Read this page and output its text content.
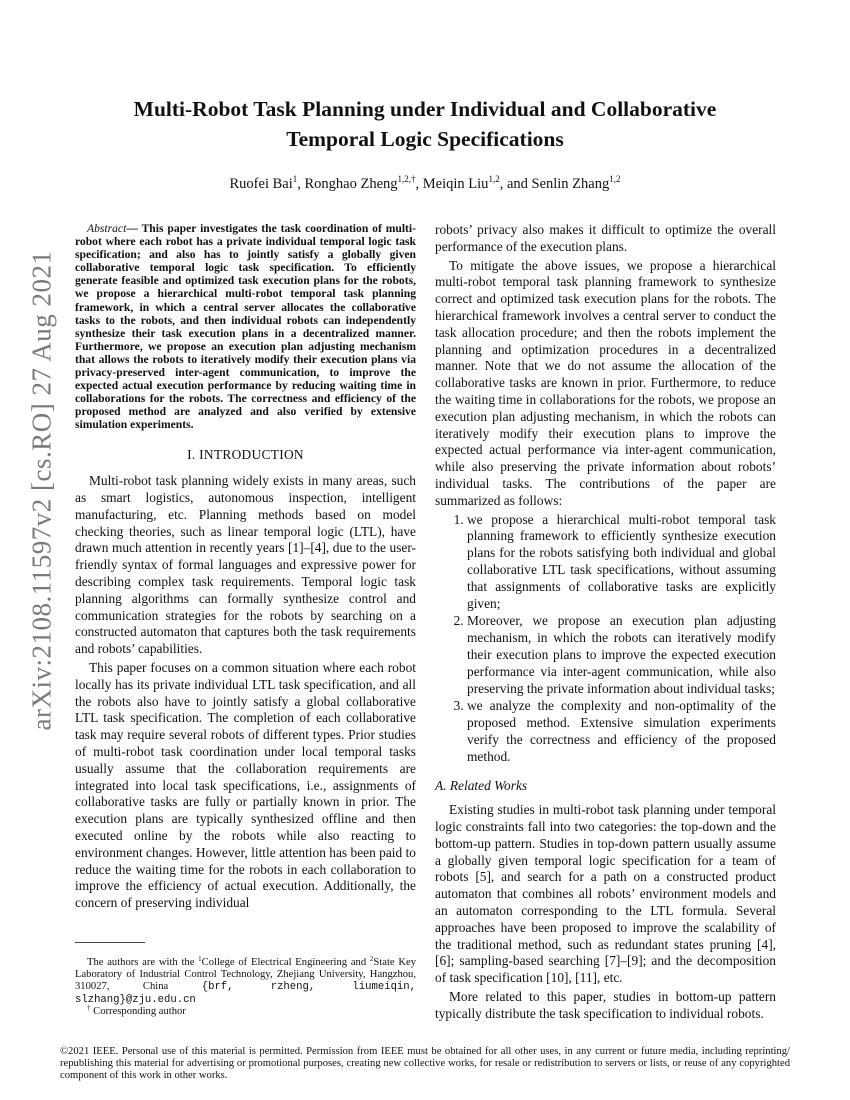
arXiv:2108.11597v2 [cs.RO] 27 Aug 2021
Multi-Robot Task Planning under Individual and Collaborative
Temporal Logic Specifications
Ruofei Bai$^1$, Ronghao Zheng$^{1,2,\dagger}$, Meiqin Liu$^{1,2}$, and Senlin Zhang$^{1,2}$
Abstract— This paper investigates the task coordination of multi-robot where each robot has a private individual temporal logic task specification; and also has to jointly satisfy a globally given collaborative temporal logic task specification. To efficiently generate feasible and optimized task execution plans for the robots, we propose a hierarchical multi-robot temporal task planning framework, in which a central server allocates the collaborative tasks to the robots, and then individual robots can independently synthesize their task execution plans in a decentralized manner. Furthermore, we propose an execution plan adjusting mechanism that allows the robots to iteratively modify their execution plans via privacy-preserved inter-agent communication, to improve the expected actual execution performance by reducing waiting time in collaborations for the robots. The correctness and efficiency of the proposed method are analyzed and also verified by extensive simulation experiments.
I. INTRODUCTION

Multi-robot task planning widely exists in many areas, such as smart logistics, autonomous inspection, intelligent manufacturing, etc. Planning methods based on model checking theories, such as linear temporal logic (LTL), have drawn much attention in recently years [1]–[4], due to the user-friendly syntax of formal languages and expressive power for describing complex task requirements. Temporal logic task planning algorithms can formally synthesize control and communication strategies for the robots by searching on a constructed automaton that captures both the task requirements and robots’ capabilities.

This paper focuses on a common situation where each robot locally has its private individual LTL task specification, and all the robots also have to jointly satisfy a global collaborative LTL task specification. The completion of each collaborative task may require several robots of different types. Prior studies of multi-robot task coordination under local temporal tasks usually assume that the collaboration requirements are integrated into local task specifications, i.e., assignments of collaborative tasks are fully or partially known in prior. The execution plans are typically synthesized offline and then executed online by the robots while also reacting to environment changes. However, little attention has been paid to reduce the waiting time for the robots in each collaboration to improve the efficiency of actual execution. Additionally, the concern of preserving individual

robots’ privacy also makes it difficult to optimize the overall performance of the execution plans.

To mitigate the above issues, we propose a hierarchical multi-robot temporal task planning framework to synthesize correct and optimized task execution plans for the robots. The hierarchical framework involves a central server to conduct the task allocation procedure; and then the robots implement the planning and optimization procedures in a decentralized manner. Note that we do not assume the allocation of the collaborative tasks are known in prior. Furthermore, to reduce the waiting time in collaborations for the robots, we propose an execution plan adjusting mechanism, in which the robots can iteratively modify their execution plans to improve the expected actual performance via inter-agent communication, while also preserving the private information about robots’ individual tasks. The contributions of the paper are summarized as follows:

1. we propose a hierarchical multi-robot temporal task planning framework to efficiently synthesize execution plans for the robots satisfying both individual and global collaborative LTL task specifications, without assuming that assignments of collaborative tasks are explicitly given;
2. Moreover, we propose an execution plan adjusting mechanism, in which the robots can iteratively modify their execution plans to improve the expected execution performance via inter-agent communication, while also preserving the private information about individual tasks;
3. we analyze the complexity and non-optimality of the proposed method. Extensive simulation experiments verify the correctness and efficiency of the proposed method.
A. Related Works

Existing studies in multi-robot task planning under temporal logic constraints fall into two categories: the top-down and the bottom-up pattern. Studies in top-down pattern usually assume a globally given temporal logic specification for a team of robots [5], and search for a path on a constructed product automaton that combines all robots’ environment models and an automaton corresponding to the LTL formula. Several approaches have been proposed to improve the scalability of the traditional method, such as redundant states pruning [4], [6]; sampling-based searching [7]–[9]; and the decomposition of task specification [10], [11], etc.

More related to this paper, studies in bottom-up pattern typically distribute the task specification to individual robots.

The authors are with the $^1$College of Electrical Engineering and $^2$State Key Laboratory of Industrial Control Technology, Zhejiang University, Hangzhou, 310027, China {brf, rzheng, liumeiqin, slzhang}@zju.edu.cn

† Corresponding author

©2021 IEEE. Personal use of this material is permitted. Permission from IEEE must be obtained for all other uses, in any current or future media, including reprinting/ republishing this material for advertising or promotional purposes, creating new collective works, for resale or redistribution to servers or lists, or reuse of any copyrighted component of this work in other works.
